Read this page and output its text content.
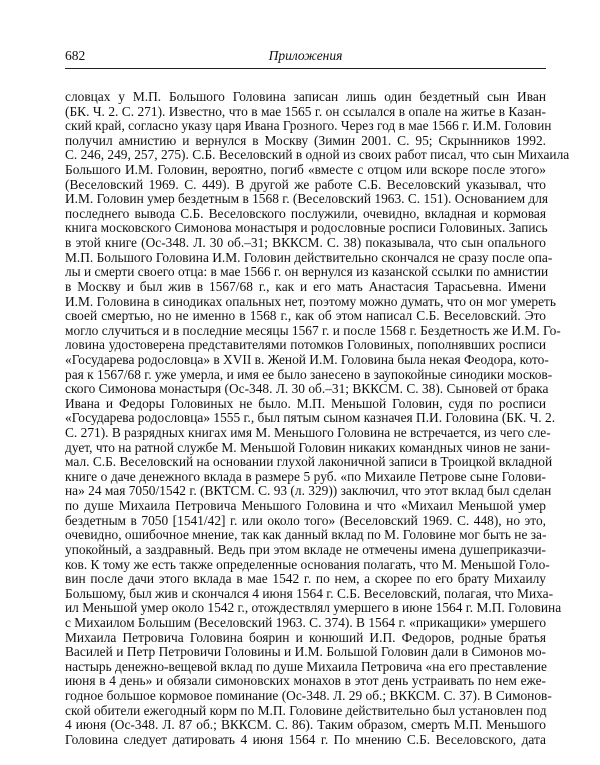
682	Приложения
словцах у М.П. Большого Головина записан лишь один бездетный сын Иван
(БК. Ч. 2. С. 271). Известно, что в мае 1565 г. он ссылался в опале на житье в Казан-
ский край, согласно указу царя Ивана Грозного. Через год в мае 1566 г. И.М. Головин
получил амнистию и вернулся в Москву (Зимин 2001. С. 95; Скрынников 1992.
С. 246, 249, 257, 275). С.Б. Веселовский в одной из своих работ писал, что сын Михаила
Большого И.М. Головин, вероятно, погиб «вместе с отцом или вскоре после этого»
(Веселовский 1969. С. 449). В другой же работе С.Б. Веселовский указывал, что
И.М. Головин умер бездетным в 1568 г. (Веселовский 1963. С. 151). Основанием для
последнего вывода С.Б. Веселовского послужили, очевидно, вкладная и кормовая
книга московского Симонова монастыря и родословные росписи Головиных. Запись
в этой книге (Ос-348. Л. 30 об.–31; ВККСМ. С. 38) показывала, что сын опального
М.П. Большого Головина И.М. Головин действительно скончался не сразу после опа-
лы и смерти своего отца: в мае 1566 г. он вернулся из казанской ссылки по амнистии
в Москву и был жив в 1567/68 г., как и его мать Анастасия Тарасьевна. Имени
И.М. Головина в синодиках опальных нет, поэтому можно думать, что он мог умереть
своей смертью, но не именно в 1568 г., как об этом написал С.Б. Веселовский. Это
могло случиться и в последние месяцы 1567 г. и после 1568 г. Бездетность же И.М. Го-
ловина удостоверена представителями потомков Головиных, пополнявших росписи
«Государева родословца» в XVII в. Женой И.М. Головина была некая Феодора, кото-
рая к 1567/68 г. уже умерла, и имя ее было занесено в заупокойные синодики москов-
ского Симонова монастыря (Ос-348. Л. 30 об.–31; ВККСМ. С. 38). Сыновей от брака
Ивана и Федоры Головиных не было. М.П. Меньшой Головин, судя по росписи
«Государева родословца» 1555 г., был пятым сыном казначея П.И. Головина (БК. Ч. 2.
С. 271). В разрядных книгах имя М. Меньшого Головина не встречается, из чего сле-
дует, что на ратной службе М. Меньшой Головин никаких командных чинов не зани-
мал. С.Б. Веселовский на основании глухой лаконичной записи в Троицкой вкладной
книге о даче денежного вклада в размере 5 руб. «по Михаиле Петрове сыне Голови-
на» 24 мая 7050/1542 г. (ВКТСМ. С. 93 (л. 329)) заключил, что этот вклад был сделан
по душе Михаила Петровича Меньшого Головина и что «Михаил Меньшой умер
бездетным в 7050 [1541/42] г. или около того» (Веселовский 1969. С. 448), но это,
очевидно, ошибочное мнение, так как данный вклад по М. Головине мог быть не за-
упокойный, а заздравный. Ведь при этом вкладе не отмечены имена душеприказчи-
ков. К тому же есть также определенные основания полагать, что М. Меньшой Голо-
вин после дачи этого вклада в мае 1542 г. по нем, а скорее по его брату Михаилу
Большому, был жив и скончался 4 июня 1564 г. С.Б. Веселовский, полагая, что Миха-
ил Меньшой умер около 1542 г., отождествлял умершего в июне 1564 г. М.П. Головина
с Михаилом Большим (Веселовский 1963. С. 374). В 1564 г. «прикащики» умершего
Михаила Петровича Головина боярин и конюший И.П. Федоров, родные братья
Василей и Петр Петровичи Головины и И.М. Большой Головин дали в Симонов мо-
настырь денежно-вещевой вклад по душе Михаила Петровича «на его преставление
июня в 4 день» и обязали симоновских монахов в этот день устраивать по нем еже-
годное большое кормовое поминание (Ос-348. Л. 29 об.; ВККСМ. С. 37). В Симонов-
ской обители ежегодный корм по М.П. Головине действительно был установлен под
4 июня (Ос-348. Л. 87 об.; ВККСМ. С. 86). Таким образом, смерть М.П. Меньшого
Головина следует датировать 4 июня 1564 г. По мнению С.Б. Веселовского, дата
